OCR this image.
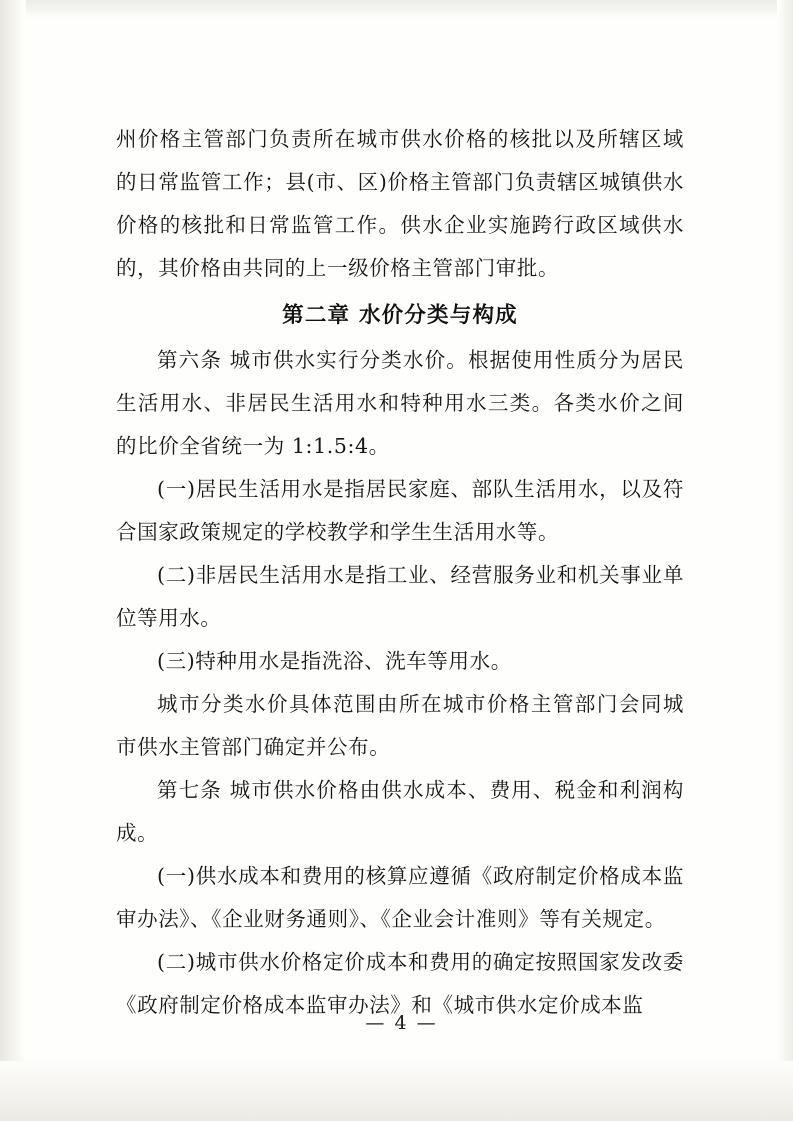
州价格主管部门负责所在城市供水价格的核批以及所辖区域的日常监管工作；县(市、区)价格主管部门负责辖区城镇供水价格的核批和日常监管工作。供水企业实施跨行政区域供水的，其价格由共同的上一级价格主管部门审批。

第二章 水价分类与构成

第六条 城市供水实行分类水价。根据使用性质分为居民生活用水、非居民生活用水和特种用水三类。各类水价之间的比价全省统一为 1:1.5:4。

(一)居民生活用水是指居民家庭、部队生活用水，以及符合国家政策规定的学校教学和学生生活用水等。

(二)非居民生活用水是指工业、经营服务业和机关事业单位等用水。

(三)特种用水是指洗浴、洗车等用水。

城市分类水价具体范围由所在城市价格主管部门会同城市供水主管部门确定并公布。

第七条 城市供水价格由供水成本、费用、税金和利润构成。

(一)供水成本和费用的核算应遵循《政府制定价格成本监审办法》、《企业财务通则》、《企业会计准则》等有关规定。

(二)城市供水价格定价成本和费用的确定按照国家发改委《政府制定价格成本监审办法》和《城市供水定价成本监

— 4 —
